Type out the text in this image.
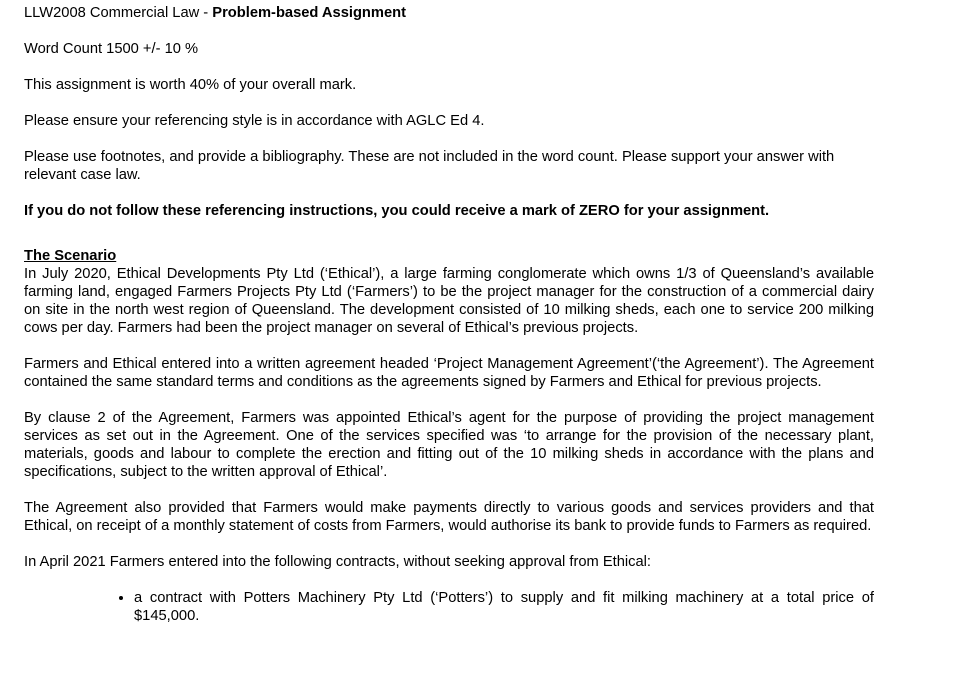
LLW2008 Commercial Law - Problem-based Assignment

Word Count 1500 +/- 10 %

This assignment is worth 40% of your overall mark.

Please ensure your referencing style is in accordance with AGLC Ed 4.

Please use footnotes, and provide a bibliography. These are not included in the word count. Please support your answer with relevant case law.

If you do not follow these referencing instructions, you could receive a mark of ZERO for your assignment.

The Scenario

In July 2020, Ethical Developments Pty Ltd (‘Ethical’), a large farming conglomerate which owns 1/3 of Queensland’s available farming land, engaged Farmers Projects Pty Ltd (‘Farmers’) to be the project manager for the construction of a commercial dairy on site in the north west region of Queensland. The development consisted of 10 milking sheds, each one to service 200 milking cows per day. Farmers had been the project manager on several of Ethical’s previous projects.

Farmers and Ethical entered into a written agreement headed ‘Project Management Agreement’(‘the Agreement’). The Agreement contained the same standard terms and conditions as the agreements signed by Farmers and Ethical for previous projects.

By clause 2 of the Agreement, Farmers was appointed Ethical’s agent for the purpose of providing the project management services as set out in the Agreement. One of the services specified was ‘to arrange for the provision of the necessary plant, materials, goods and labour to complete the erection and fitting out of the 10 milking sheds in accordance with the plans and specifications, subject to the written approval of Ethical’.

The Agreement also provided that Farmers would make payments directly to various goods and services providers and that Ethical, on receipt of a monthly statement of costs from Farmers, would authorise its bank to provide funds to Farmers as required.

In April 2021 Farmers entered into the following contracts, without seeking approval from Ethical:

• a contract with Potters Machinery Pty Ltd (‘Potters’) to supply and fit milking machinery at a total price of $145,000.
